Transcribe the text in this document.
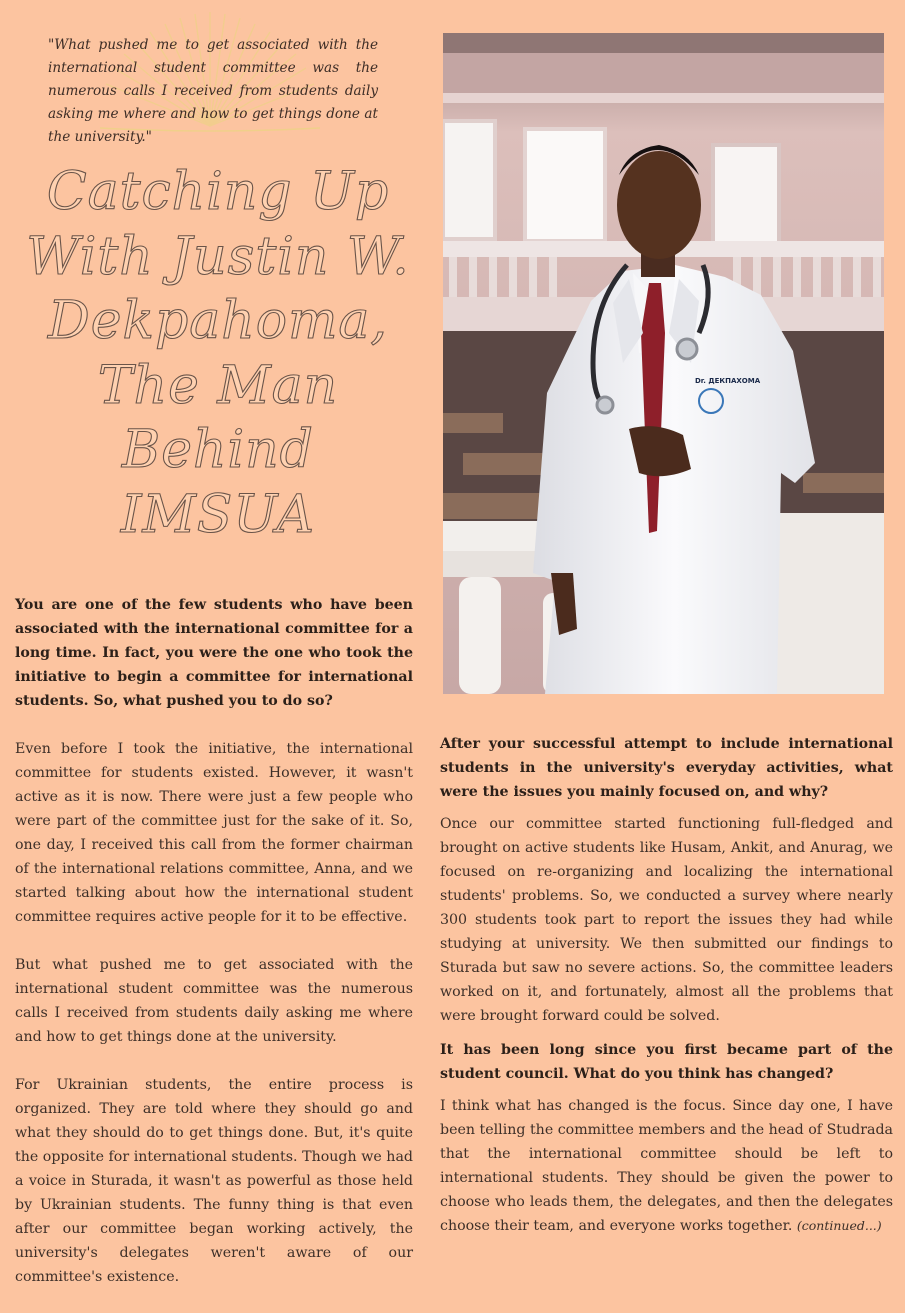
"What pushed me to get associated with the international student committee was the numerous calls I received from students daily asking me where and how to get things done at the university."
Catching Up With Justin W. Dekpahoma, The Man Behind IMSUA
Dr. ДЕКПАХОМА

You are one of the few students who have been associated with the international committee for a long time. In fact, you were the one who took the initiative to begin a committee for international students. So, what pushed you to do so?

Even before I took the initiative, the international committee for students existed. However, it wasn't active as it is now. There were just a few people who were part of the committee just for the sake of it. So, one day, I received this call from the former chairman of the international relations committee, Anna, and we started talking about how the international student committee requires active people for it to be effective.

But what pushed me to get associated with the international student committee was the numerous calls I received from students daily asking me where and how to get things done at the university.

For Ukrainian students, the entire process is organized. They are told where they should go and what they should do to get things done. But, it's quite the opposite for international students. Though we had a voice in Sturada, it wasn't as powerful as those held by Ukrainian students. The funny thing is that even after our committee began working actively, the university's delegates weren't aware of our committee's existence.

After your successful attempt to include international students in the university's everyday activities, what were the issues you mainly focused on, and why?

Once our committee started functioning full-fledged and brought on active students like Husam, Ankit, and Anurag, we focused on re-organizing and localizing the international students' problems. So, we conducted a survey where nearly 300 students took part to report the issues they had while studying at university. We then submitted our findings to Sturada but saw no severe actions. So, the committee leaders worked on it, and fortunately, almost all the problems that were brought forward could be solved.

It has been long since you first became part of the student council. What do you think has changed?

I think what has changed is the focus. Since day one, I have been telling the committee members and the head of Studrada that the international committee should be left to international students. They should be given the power to choose who leads them, the delegates, and then the delegates choose their team, and everyone works together. (continued...)
